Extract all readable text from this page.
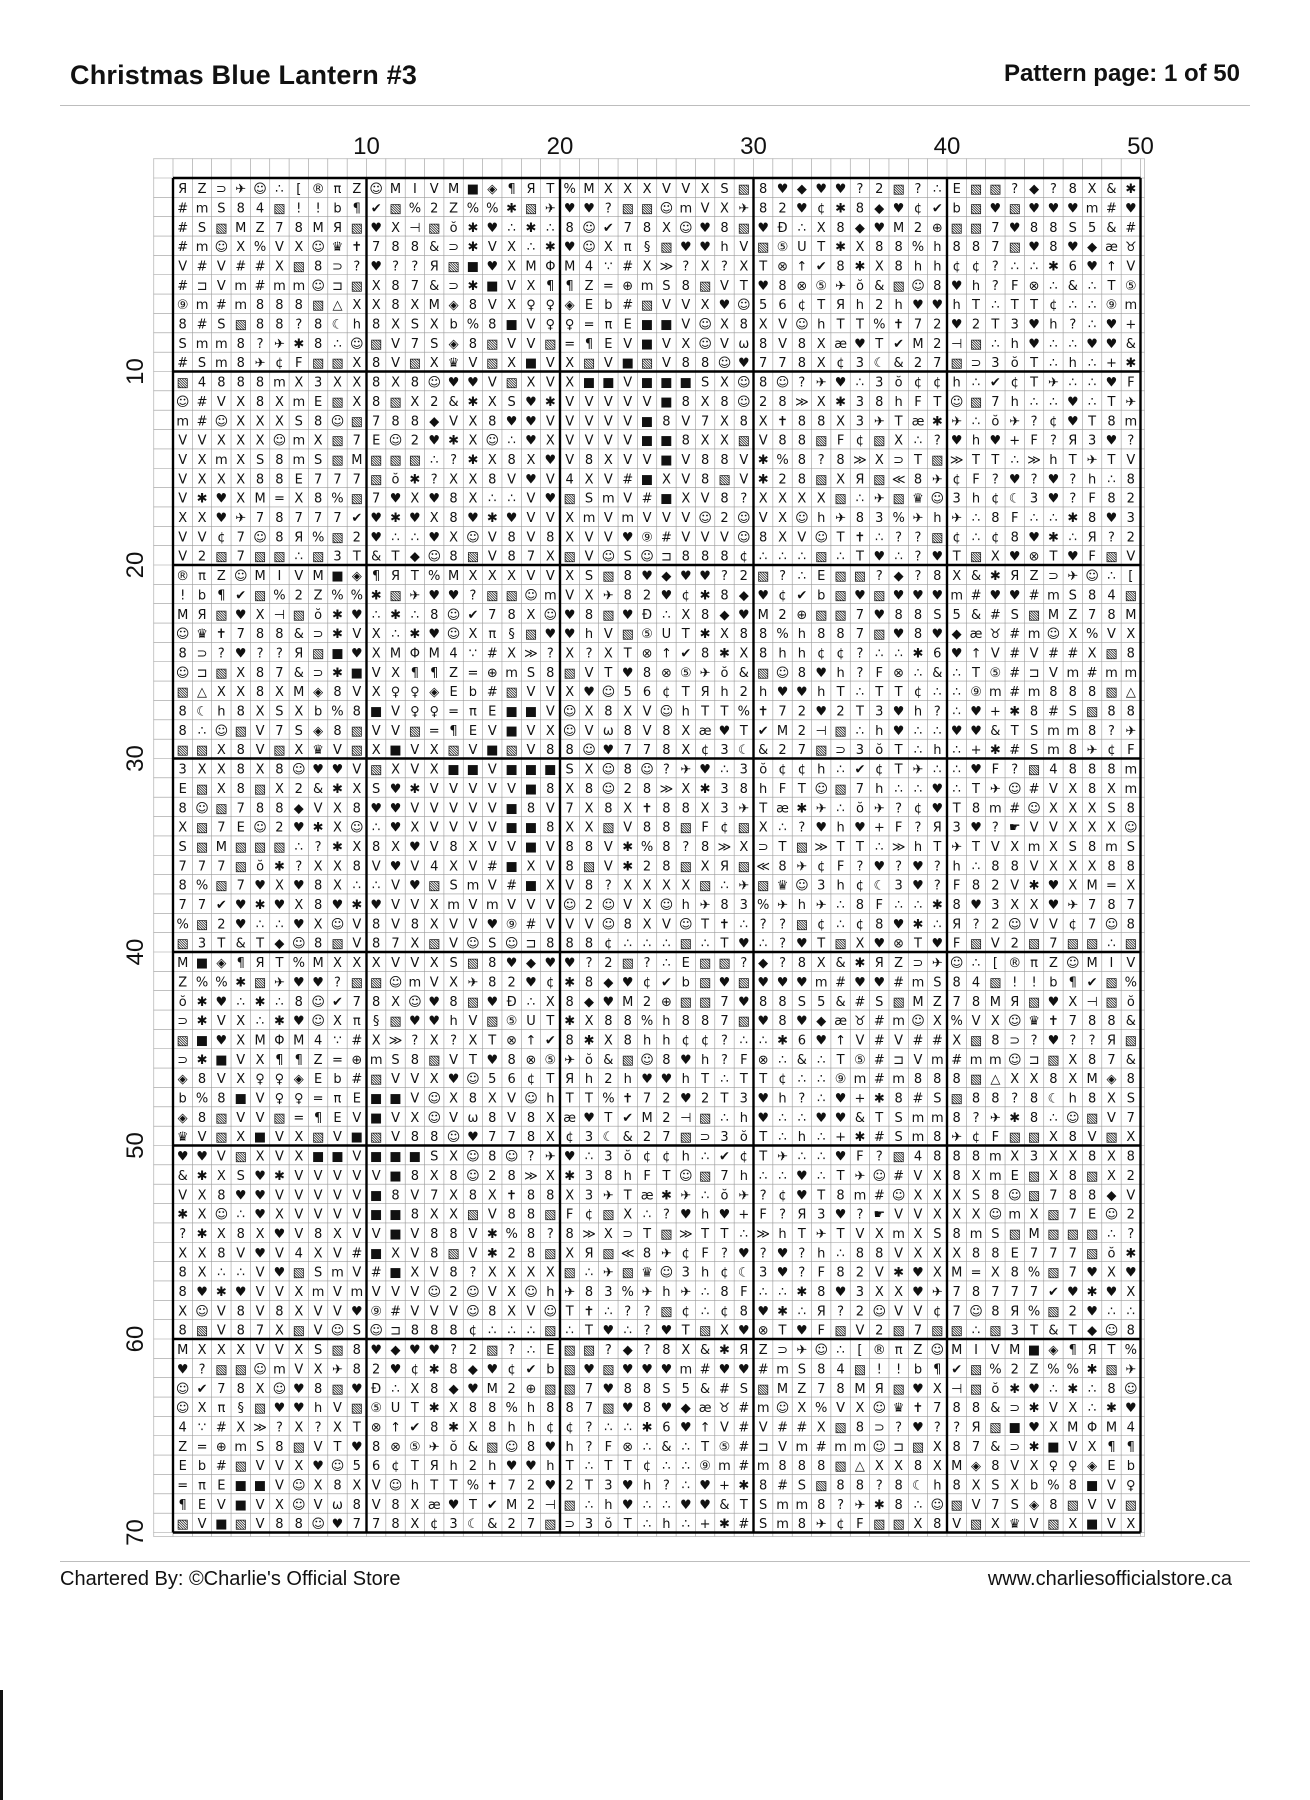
Christmas Blue Lantern #3	Pattern page: 1 of 50
10	20	30	40	50
10
20
30
40
50
60
70
Я Z ⊃ ✈ ☺ ∴ [ ® π Z ☺ M I V M ■ ◈ ¶ Я T % M X X X V V X S ▧ 8 ♥ ◆ ♥ ♥ ? 2 ▧ ? ∴ E ▧ ▧ ? ◆ ? 8 X & ✱
# m S 8 4 ▧ ! ! b ¶ ✔ ▧ % 2 Z % % ✱ ▧ ✈ ♥ ♥ ? ▧ ▧ ☺ m V X ✈ 8 2 ♥ ¢ ✱ 8 ◆ ♥ ¢ ✔ b ▧ ♥ ▧ ♥ ♥ ♥ m # ♥
# S ▧ M Z 7 8 M Я ▧ ♥ X ⊣ ▧ ŏ ✱ ♥ ∴ ✱ ∴ 8 ☺ ✔ 7 8 X ☺ ♥ 8 ▧ ♥ Ð ∴ X 8 ◆ ♥ M 2 ⊕ ▧ ▧ 7 ♥ 8 8 S 5 & #
# m ☺ X % V X ☺ ♛ ✝ 7 8 8 & ⊃ ✱ V X ∴ ✱ ♥ ☺ X π § ▧ ♥ ♥ h V ▧ ⑤ U T ✱ X 8 8 % h 8 8 7 ▧ ♥ 8 ♥ ◆ æ ♉
V # V # # X ▧ 8 ⊃ ? ♥ ? ? Я ▧ ■ ♥ X M Φ M 4 ∵ # X ≫ ? X ? X T ⊗ ↑ ✔ 8 ✱ X 8 h h ¢ ¢ ? ∴ ∴ ✱ 6 ♥ ↑ V
# ⊐ V m # m m ☺ ⊐ ▧ X 8 7 & ⊃ ✱ ■ V X ¶ ¶ Z = ⊕ m S 8 ▧ V T ♥ 8 ⊗ ⑤ ✈ ŏ & ▧ ☺ 8 ♥ h ? F ⊗ ∴ & ∴ T ⑤
⑨ m # m 8 8 8 ▧ △ X X 8 X M ◈ 8 V X ♀ ♀ ◈ E b # ▧ V V X ♥ ☺ 5 6 ¢ T Я h 2 h ♥ ♥ h T ∴ T T ¢ ∴ ∴ ⑨ m
8 # S ▧ 8 8 ? 8 ☾ h 8 X S X b % 8 ■ V ♀ ♀ = π E ■ ■ V ☺ X 8 X V ☺ h T T % ✝ 7 2 ♥ 2 T 3 ♥ h ? ∴ ♥ +
S m m 8 ? ✈ ✱ 8 ∴ ☺ ▧ V 7 S ◈ 8 ▧ V V ▧ = ¶ E V ■ V X ☺ V ω 8 V 8 X æ ♥ T ✔ M 2 ⊣ ▧ ∴ h ♥ ∴ ∴ ♥ ♥ &
# S m 8 ✈ ¢ F ▧ ▧ X 8 V ▧ X ♛ V ▧ X ■ V X ▧ V ■ ▧ V 8 8 ☺ ♥ 7 7 8 X ¢ 3 ☾ & 2 7 ▧ ⊃ 3 ŏ T ∴ h ∴ + ✱
▧ 4 8 8 8 m X 3 X X 8 X 8 ☺ ♥ ♥ V ▧ X V X ■ ■ V ■ ■ ■ S X ☺ 8 ☺ ? ✈ ♥ ∴ 3 ŏ ¢ ¢ h ∴ ✔ ¢ T ✈ ∴ ∴ ♥ F
☺ # V X 8 X m E ▧ X 8 ▧ X 2 & ✱ X S ♥ ✱ V V V V V ■ 8 X 8 ☺ 2 8 ≫ X ✱ 3 8 h F T ☺ ▧ 7 h ∴ ∴ ♥ ∴ T ✈
m # ☺ X X X S 8 ☺ ▧ 7 8 8 ◆ V X 8 ♥ ♥ V V V V V ■ 8 V 7 X 8 X ✝ 8 8 X 3 ✈ T æ ✱ ✈ ∴ ŏ ✈ ? ¢ ♥ T 8 m
V V X X X ☺ m X ▧ 7 E ☺ 2 ♥ ✱ X ☺ ∴ ♥ X V V V V ■ ■ 8 X X ▧ V 8 8 ▧ F ¢ ▧ X ∴ ? ♥ h ♥ + F ? Я 3 ♥ ?
V X m X S 8 m S ▧ M ▧ ▧ ▧ ∴ ? ✱ X 8 X ♥ V 8 X V V ■ V 8 8 V ✱ % 8 ? 8 ≫ X ⊃ T ▧ ≫ T T ∴ ≫ h T ✈ T V
V X X X 8 8 E 7 7 7 ▧ ŏ ✱ ? X X 8 V ♥ V 4 X V # ■ X V 8 ▧ V ✱ 2 8 ▧ X Я ▧ ≪ 8 ✈ ¢ F ? ♥ ? ♥ ? h ∴ 8
V ✱ ♥ X M = X 8 % ▧ 7 ♥ X ♥ 8 X ∴ ∴ V ♥ ▧ S m V # ■ X V 8 ? X X X X ▧ ∴ ✈ ▧ ♛ ☺ 3 h ¢ ☾ 3 ♥ ? F 8 2
X X ♥ ✈ 7 8 7 7 7 ✔ ♥ ✱ ♥ X 8 ♥ ✱ ♥ V V X m V m V V V ☺ 2 ☺ V X ☺ h ✈ 8 3 % ✈ h ✈ ∴ 8 F ∴ ∴ ✱ 8 ♥ 3
V V ¢ 7 ☺ 8 Я % ▧ 2 ♥ ∴ ∴ ♥ X ☺ V 8 V 8 X V V ♥ ⑨ # V V V ☺ 8 X V ☺ T ✝ ∴ ? ? ▧ ¢ ∴ ¢ 8 ♥ ✱ ∴ Я ? 2
V 2 ▧ 7 ▧ ▧ ∴ ▧ 3 T & T ◆ ☺ 8 ▧ V 8 7 X ▧ V ☺ S ☺ ⊐ 8 8 8 ¢ ∴ ∴ ∴ ▧ ∴ T ♥ ∴ ? ♥ T ▧ X ♥ ⊗ T ♥ F ▧ V
® π Z ☺ M I V M ■ ◈ ¶ Я T % M X X X V V X S ▧ 8 ♥ ◆ ♥ ♥ ? 2 ▧ ? ∴ E ▧ ▧ ? ◆ ? 8 X & ✱ Я Z ⊃ ✈ ☺ ∴ [
! b ¶ ✔ ▧ % 2 Z % % ✱ ▧ ✈ ♥ ♥ ? ▧ ▧ ☺ m V X ✈ 8 2 ♥ ¢ ✱ 8 ◆ ♥ ¢ ✔ b ▧ ♥ ▧ ♥ ♥ ♥ m # ♥ ♥ # m S 8 4 ▧
M Я ▧ ♥ X ⊣ ▧ ŏ ✱ ♥ ∴ ✱ ∴ 8 ☺ ✔ 7 8 X ☺ ♥ 8 ▧ ♥ Ð ∴ X 8 ◆ ♥ M 2 ⊕ ▧ ▧ 7 ♥ 8 8 S 5 & # S ▧ M Z 7 8 M
☺ ♛ ✝ 7 8 8 & ⊃ ✱ V X ∴ ✱ ♥ ☺ X π § ▧ ♥ ♥ h V ▧ ⑤ U T ✱ X 8 8 % h 8 8 7 ▧ ♥ 8 ♥ ◆ æ ♉ # m ☺ X % V X
8 ⊃ ? ♥ ? ? Я ▧ ■ ♥ X M Φ M 4 ∵ # X ≫ ? X ? X T ⊗ ↑ ✔ 8 ✱ X 8 h h ¢ ¢ ? ∴ ∴ ✱ 6 ♥ ↑ V # V # # X ▧ 8
☺ ⊐ ▧ X 8 7 & ⊃ ✱ ■ V X ¶ ¶ Z = ⊕ m S 8 ▧ V T ♥ 8 ⊗ ⑤ ✈ ŏ & ▧ ☺ 8 ♥ h ? F ⊗ ∴ & ∴ T ⑤ # ⊐ V m # m m
▧ △ X X 8 X M ◈ 8 V X ♀ ♀ ◈ E b # ▧ V V X ♥ ☺ 5 6 ¢ T Я h 2 h ♥ ♥ h T ∴ T T ¢ ∴ ∴ ⑨ m # m 8 8 8 ▧ △
8 ☾ h 8 X S X b % 8 ■ V ♀ ♀ = π E ■ ■ V ☺ X 8 X V ☺ h T T % ✝ 7 2 ♥ 2 T 3 ♥ h ? ∴ ♥ + ✱ 8 # S ▧ 8 8
8 ∴ ☺ ▧ V 7 S ◈ 8 ▧ V V ▧ = ¶ E V ■ V X ☺ V ω 8 V 8 X æ ♥ T ✔ M 2 ⊣ ▧ ∴ h ♥ ∴ ∴ ♥ ♥ & T S m m 8 ? ✈
▧ ▧ X 8 V ▧ X ♛ V ▧ X ■ V X ▧ V ■ ▧ V 8 8 ☺ ♥ 7 7 8 X ¢ 3 ☾ & 2 7 ▧ ⊃ 3 ŏ T ∴ h ∴ + ✱ # S m 8 ✈ ¢ F
3 X X 8 X 8 ☺ ♥ ♥ V ▧ X V X ■ ■ V ■ ■ ■ S X ☺ 8 ☺ ? ✈ ♥ ∴ 3 ŏ ¢ ¢ h ∴ ✔ ¢ T ✈ ∴ ∴ ♥ F ? ▧ 4 8 8 8 m
E ▧ X 8 ▧ X 2 & ✱ X S ♥ ✱ V V V V V ■ 8 X 8 ☺ 2 8 ≫ X ✱ 3 8 h F T ☺ ▧ 7 h ∴ ∴ ♥ ∴ T ✈ ☺ # V X 8 X m
8 ☺ ▧ 7 8 8 ◆ V X 8 ♥ ♥ V V V V V ■ 8 V 7 X 8 X ✝ 8 8 X 3 ✈ T æ ✱ ✈ ∴ ŏ ✈ ? ¢ ♥ T 8 m # ☺ X X X S 8
X ▧ 7 E ☺ 2 ♥ ✱ X ☺ ∴ ♥ X V V V V ■ ■ 8 X X ▧ V 8 8 ▧ F ¢ ▧ X ∴ ? ♥ h ♥ + F ? Я 3 ♥ ? ☛ V V X X X ☺
S ▧ M ▧ ▧ ▧ ∴ ? ✱ X 8 X ♥ V 8 X V V ■ V 8 8 V ✱ % 8 ? 8 ≫ X ⊃ T ▧ ≫ T T ∴ ≫ h T ✈ T V X m X S 8 m S
7 7 7 ▧ ŏ ✱ ? X X 8 V ♥ V 4 X V # ■ X V 8 ▧ V ✱ 2 8 ▧ X Я ▧ ≪ 8 ✈ ¢ F ? ♥ ? ♥ ? h ∴ 8 8 V X X X 8 8
8 % ▧ 7 ♥ X ♥ 8 X ∴ ∴ V ♥ ▧ S m V # ■ X V 8 ? X X X X ▧ ∴ ✈ ▧ ♛ ☺ 3 h ¢ ☾ 3 ♥ ? F 8 2 V ✱ ♥ X M = X
7 7 ✔ ♥ ✱ ♥ X 8 ♥ ✱ ♥ V V X m V m V V V ☺ 2 ☺ V X ☺ h ✈ 8 3 % ✈ h ✈ ∴ 8 F ∴ ∴ ✱ 8 ♥ 3 X X ♥ ✈ 7 8 7
% ▧ 2 ♥ ∴ ∴ ♥ X ☺ V 8 V 8 X V V ♥ ⑨ # V V V ☺ 8 X V ☺ T ✝ ∴ ? ? ▧ ¢ ∴ ¢ 8 ♥ ✱ ∴ Я ? 2 ☺ V V ¢ 7 ☺ 8
▧ 3 T & T ◆ ☺ 8 ▧ V 8 7 X ▧ V ☺ S ☺ ⊐ 8 8 8 ¢ ∴ ∴ ∴ ▧ ∴ T ♥ ∴ ? ♥ T ▧ X ♥ ⊗ T ♥ F ▧ V 2 ▧ 7 ▧ ▧ ∴ ▧
M ■ ◈ ¶ Я T % M X X X V V X S ▧ 8 ♥ ◆ ♥ ♥ ? 2 ▧ ? ∴ E ▧ ▧ ? ◆ ? 8 X & ✱ Я Z ⊃ ✈ ☺ ∴ [ ® π Z ☺ M I V
Z % % ✱ ▧ ✈ ♥ ♥ ? ▧ ▧ ☺ m V X ✈ 8 2 ♥ ¢ ✱ 8 ◆ ♥ ¢ ✔ b ▧ ♥ ▧ ♥ ♥ ♥ m # ♥ ♥ # m S 8 4 ▧ ! ! b ¶ ✔ ▧ %
ŏ ✱ ♥ ∴ ✱ ∴ 8 ☺ ✔ 7 8 X ☺ ♥ 8 ▧ ♥ Ð ∴ X 8 ◆ ♥ M 2 ⊕ ▧ ▧ 7 ♥ 8 8 S 5 & # S ▧ M Z 7 8 M Я ▧ ♥ X ⊣ ▧ ŏ
⊃ ✱ V X ∴ ✱ ♥ ☺ X π § ▧ ♥ ♥ h V ▧ ⑤ U T ✱ X 8 8 % h 8 8 7 ▧ ♥ 8 ♥ ◆ æ ♉ # m ☺ X % V X ☺ ♛ ✝ 7 8 8 &
▧ ■ ♥ X M Φ M 4 ∵ # X ≫ ? X ? X T ⊗ ↑ ✔ 8 ✱ X 8 h h ¢ ¢ ? ∴ ∴ ✱ 6 ♥ ↑ V # V # # X ▧ 8 ⊃ ? ♥ ? ? Я ▧
⊃ ✱ ■ V X ¶ ¶ Z = ⊕ m S 8 ▧ V T ♥ 8 ⊗ ⑤ ✈ ŏ & ▧ ☺ 8 ♥ h ? F ⊗ ∴ & ∴ T ⑤ # ⊐ V m # m m ☺ ⊐ ▧ X 8 7 &
◈ 8 V X ♀ ♀ ◈ E b # ▧ V V X ♥ ☺ 5 6 ¢ T Я h 2 h ♥ ♥ h T ∴ T T ¢ ∴ ∴ ⑨ m # m 8 8 8 ▧ △ X X 8 X M ◈ 8
b % 8 ■ V ♀ ♀ = π E ■ ■ V ☺ X 8 X V ☺ h T T % ✝ 7 2 ♥ 2 T 3 ♥ h ? ∴ ♥ + ✱ 8 # S ▧ 8 8 ? 8 ☾ h 8 X S
◈ 8 ▧ V V ▧ = ¶ E V ■ V X ☺ V ω 8 V 8 X æ ♥ T ✔ M 2 ⊣ ▧ ∴ h ♥ ∴ ∴ ♥ ♥ & T S m m 8 ? ✈ ✱ 8 ∴ ☺ ▧ V 7
♛ V ▧ X ■ V X ▧ V ■ ▧ V 8 8 ☺ ♥ 7 7 8 X ¢ 3 ☾ & 2 7 ▧ ⊃ 3 ŏ T ∴ h ∴ + ✱ # S m 8 ✈ ¢ F ▧ ▧ X 8 V ▧ X
♥ ♥ V ▧ X V X ■ ■ V ■ ■ ■ S X ☺ 8 ☺ ? ✈ ♥ ∴ 3 ŏ ¢ ¢ h ∴ ✔ ¢ T ✈ ∴ ∴ ♥ F ? ▧ 4 8 8 8 m X 3 X X 8 X 8
& ✱ X S ♥ ✱ V V V V V ■ 8 X 8 ☺ 2 8 ≫ X ✱ 3 8 h F T ☺ ▧ 7 h ∴ ∴ ♥ ∴ T ✈ ☺ # V X 8 X m E ▧ X 8 ▧ X 2
V X 8 ♥ ♥ V V V V V ■ 8 V 7 X 8 X ✝ 8 8 X 3 ✈ T æ ✱ ✈ ∴ ŏ ✈ ? ¢ ♥ T 8 m # ☺ X X X S 8 ☺ ▧ 7 8 8 ◆ V
✱ X ☺ ∴ ♥ X V V V V ■ ■ 8 X X ▧ V 8 8 ▧ F ¢ ▧ X ∴ ? ♥ h ♥ + F ? Я 3 ♥ ? ☛ V V X X X ☺ m X ▧ 7 E ☺ 2
? ✱ X 8 X ♥ V 8 X V V ■ V 8 8 V ✱ % 8 ? 8 ≫ X ⊃ T ▧ ≫ T T ∴ ≫ h T ✈ T V X m X S 8 m S ▧ M ▧ ▧ ▧ ∴ ?
X X 8 V ♥ V 4 X V # ■ X V 8 ▧ V ✱ 2 8 ▧ X Я ▧ ≪ 8 ✈ ¢ F ? ♥ ? ♥ ? h ∴ 8 8 V X X X 8 8 E 7 7 7 ▧ ŏ ✱
8 X ∴ ∴ V ♥ ▧ S m V # ■ X V 8 ? X X X X ▧ ∴ ✈ ▧ ♛ ☺ 3 h ¢ ☾ 3 ♥ ? F 8 2 V ✱ ♥ X M = X 8 % ▧ 7 ♥ X ♥
8 ♥ ✱ ♥ V V X m V m V V V ☺ 2 ☺ V X ☺ h ✈ 8 3 % ✈ h ✈ ∴ 8 F ∴ ∴ ✱ 8 ♥ 3 X X ♥ ✈ 7 8 7 7 7 ✔ ♥ ✱ ♥ X
X ☺ V 8 V 8 X V V ♥ ⑨ # V V V ☺ 8 X V ☺ T ✝ ∴ ? ? ▧ ¢ ∴ ¢ 8 ♥ ✱ ∴ Я ? 2 ☺ V V ¢ 7 ☺ 8 Я % ▧ 2 ♥ ∴ ∴
8 ▧ V 8 7 X ▧ V ☺ S ☺ ⊐ 8 8 8 ¢ ∴ ∴ ∴ ▧ ∴ T ♥ ∴ ? ♥ T ▧ X ♥ ⊗ T ♥ F ▧ V 2 ▧ 7 ▧ ▧ ∴ ▧ 3 T & T ◆ ☺ 8
M X X X V V X S ▧ 8 ♥ ◆ ♥ ♥ ? 2 ▧ ? ∴ E ▧ ▧ ? ◆ ? 8 X & ✱ Я Z ⊃ ✈ ☺ ∴ [ ® π Z ☺ M I V M ■ ◈ ¶ Я T %
♥ ? ▧ ▧ ☺ m V X ✈ 8 2 ♥ ¢ ✱ 8 ◆ ♥ ¢ ✔ b ▧ ♥ ▧ ♥ ♥ ♥ m # ♥ ♥ # m S 8 4 ▧ ! ! b ¶ ✔ ▧ % 2 Z % % ✱ ▧ ✈
☺ ✔ 7 8 X ☺ ♥ 8 ▧ ♥ Ð ∴ X 8 ◆ ♥ M 2 ⊕ ▧ ▧ 7 ♥ 8 8 S 5 & # S ▧ M Z 7 8 M Я ▧ ♥ X ⊣ ▧ ŏ ✱ ♥ ∴ ✱ ∴ 8 ☺
☺ X π § ▧ ♥ ♥ h V ▧ ⑤ U T ✱ X 8 8 % h 8 8 7 ▧ ♥ 8 ♥ ◆ æ ♉ # m ☺ X % V X ☺ ♛ ✝ 7 8 8 & ⊃ ✱ V X ∴ ✱ ♥
4 ∵ # X ≫ ? X ? X T ⊗ ↑ ✔ 8 ✱ X 8 h h ¢ ¢ ? ∴ ∴ ✱ 6 ♥ ↑ V # V # # X ▧ 8 ⊃ ? ♥ ? ? Я ▧ ■ ♥ X M Φ M 4
Z = ⊕ m S 8 ▧ V T ♥ 8 ⊗ ⑤ ✈ ŏ & ▧ ☺ 8 ♥ h ? F ⊗ ∴ & ∴ T ⑤ # ⊐ V m # m m ☺ ⊐ ▧ X 8 7 & ⊃ ✱ ■ V X ¶ ¶
E b # ▧ V V X ♥ ☺ 5 6 ¢ T Я h 2 h ♥ ♥ h T ∴ T T ¢ ∴ ∴ ⑨ m # m 8 8 8 ▧ △ X X 8 X M ◈ 8 V X ♀ ♀ ◈ E b
= π E ■ ■ V ☺ X 8 X V ☺ h T T % ✝ 7 2 ♥ 2 T 3 ♥ h ? ∴ ♥ + ✱ 8 # S ▧ 8 8 ? 8 ☾ h 8 X S X b % 8 ■ V ♀
¶ E V ■ V X ☺ V ω 8 V 8 X æ ♥ T ✔ M 2 ⊣ ▧ ∴ h ♥ ∴ ∴ ♥ ♥ & T S m m 8 ? ✈ ✱ 8 ∴ ☺ ▧ V 7 S ◈ 8 ▧ V V ▧
▧ V ■ ▧ V 8 8 ☺ ♥ 7 7 8 X ¢ 3 ☾ & 2 7 ▧ ⊃ 3 ŏ T ∴ h ∴ + ✱ # S m 8 ✈ ¢ F ▧ ▧ X 8 V ▧ X ♛ V ▧ X ■ V X
Chartered By: ©Charlie's Official Store	www.charliesofficialstore.ca
